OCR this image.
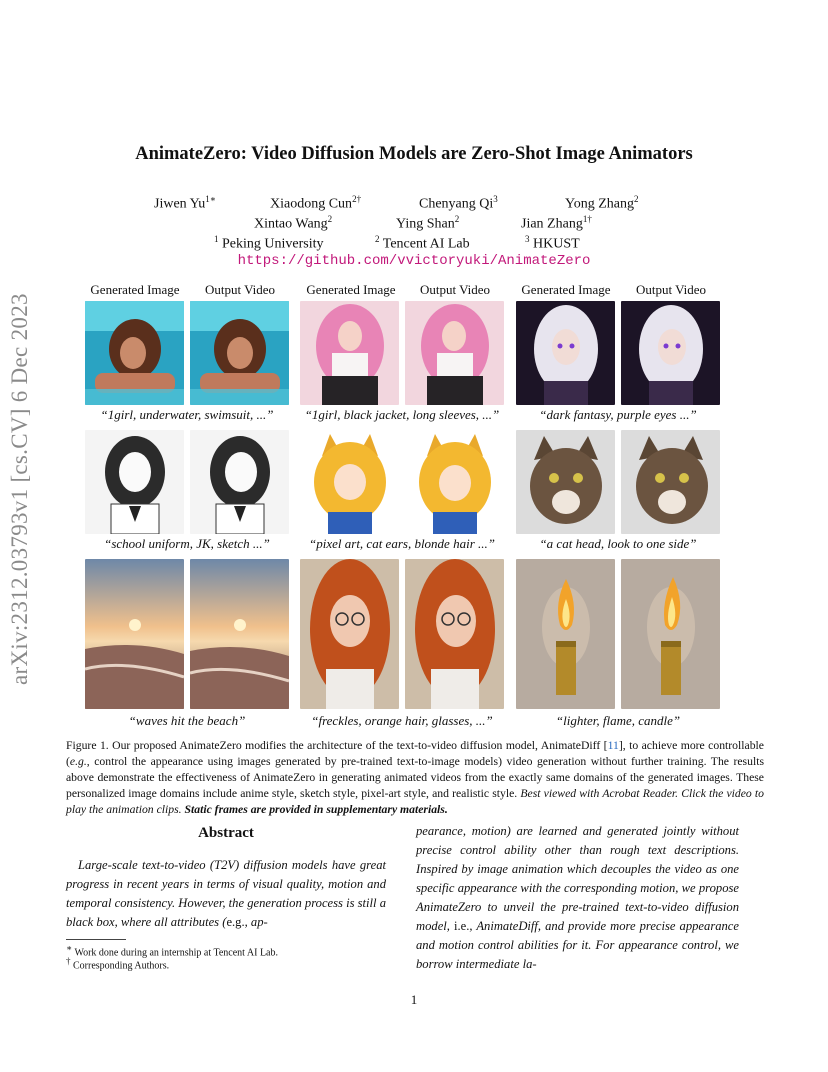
arXiv:2312.03793v1 [cs.CV] 6 Dec 2023
AnimateZero: Video Diffusion Models are Zero-Shot Image Animators
Jiwen $Yu^{1∗}$	Xiaodong Cun$^{2\dagger}$	Chenyang Qi$^3$	Yong Zhang$^2$
Xintao Wang$^2$	Ying Shan$^2$	Jian Zhang$^{1\dagger}$
$^1$ Peking University	$^2$ Tencent AI Lab	$^3$ HKUST
https://github.com/vvictoryuki/AnimateZero
Generated Image	Output Video	Generated Image	Output Video	Generated Image	Output Video
“1girl, underwater, swimsuit, ...”	“1girl, black jacket, long sleeves, ...”	“dark fantasy, purple eyes ...”
“school uniform, JK, sketch ...”	“pixel art, cat ears, blonde hair ...”	“a cat head, look to one side”
“waves hit the beach”	“freckles, orange hair, glasses, ...”	“lighter, flame, candle”
Figure 1. Our proposed AnimateZero modifies the architecture of the text-to-video diffusion model, AnimateDiff [11], to achieve more controllable (e.g., control the appearance using images generated by pre-trained text-to-image models) video generation without further training. The results above demonstrate the effectiveness of AnimateZero in generating animated videos from the exactly same domains of the generated images. These personalized image domains include anime style, sketch style, pixel-art style, and realistic style. Best viewed with Acrobat Reader. Click the video to play the animation clips. Static frames are provided in supplementary materials.
Abstract
Large-scale text-to-video (T2V) diffusion models have great progress in recent years in terms of visual quality, motion and temporal consistency. However, the generation process is still a black box, where all attributes (e.g., ap-
pearance, motion) are learned and generated jointly without precise control ability other than rough text descriptions. Inspired by image animation which decouples the video as one specific appearance with the corresponding motion, we propose AnimateZero to unveil the pre-trained text-to-video diffusion model, i.e., AnimateDiff, and provide more precise appearance and motion control abilities for it. For appearance control, we borrow intermediate la-
∗ Work done during an internship at Tencent AI Lab.
† Corresponding Authors.
1
